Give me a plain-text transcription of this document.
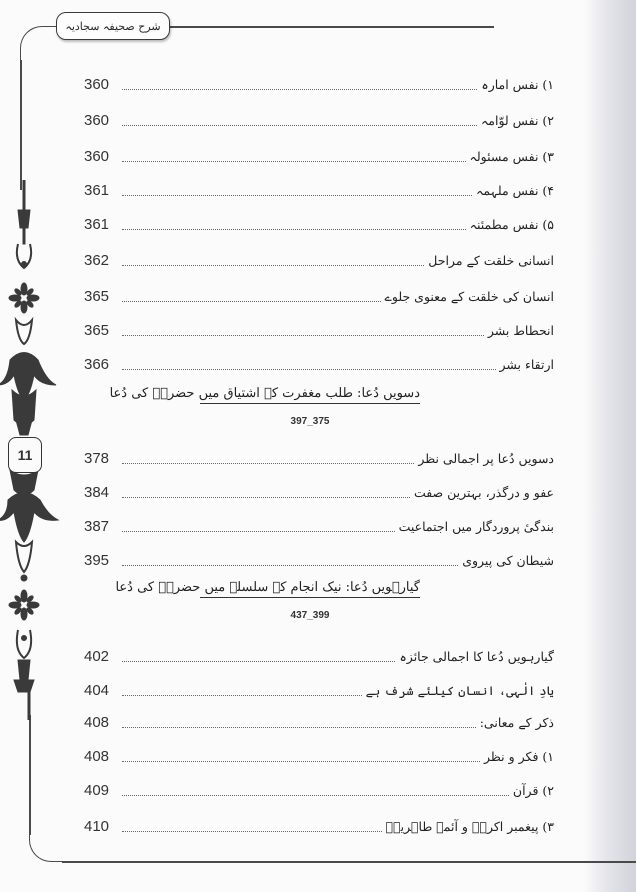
شرح صحیفہ سجادیہ
11
360	۱) نفس امارہ
360	۲) نفس لوّامہ
360	۳) نفس مسئولہ
361	۴) نفس ملہمہ
361	۵) نفس مطمئنہ
362	انسانی خلقت کے مراحل
365	انسان کی خلقت کے معنوی جلوے
365	انحطاط بشر
366	ارتقاء بشر
دسویں دُعا: طلب مغفرت کے اشتیاق میں حضرتؑ کی دُعا
397_375
378	دسویں دُعا پر اجمالی نظر
384	عفو و درگذر، بہترین صفت
387	بندگیٔ پروردگار میں اجتماعیت
395	شیطان کی پیروی
گیارہویں دُعا: نیک انجام کے سلسلے میں حضرتؑ کی دُعا
437_399
402	گیارہویں دُعا کا اجمالی جائزہ
404	یادِ الٰہی، انسان کیلئے شرف ہے
408	ذکر کے معانی:
408	۱) فکر و نظر
409	۲) قرآن
410	۳) پیغمبر اکرمؐ و آئمہ طاہرینؑ
